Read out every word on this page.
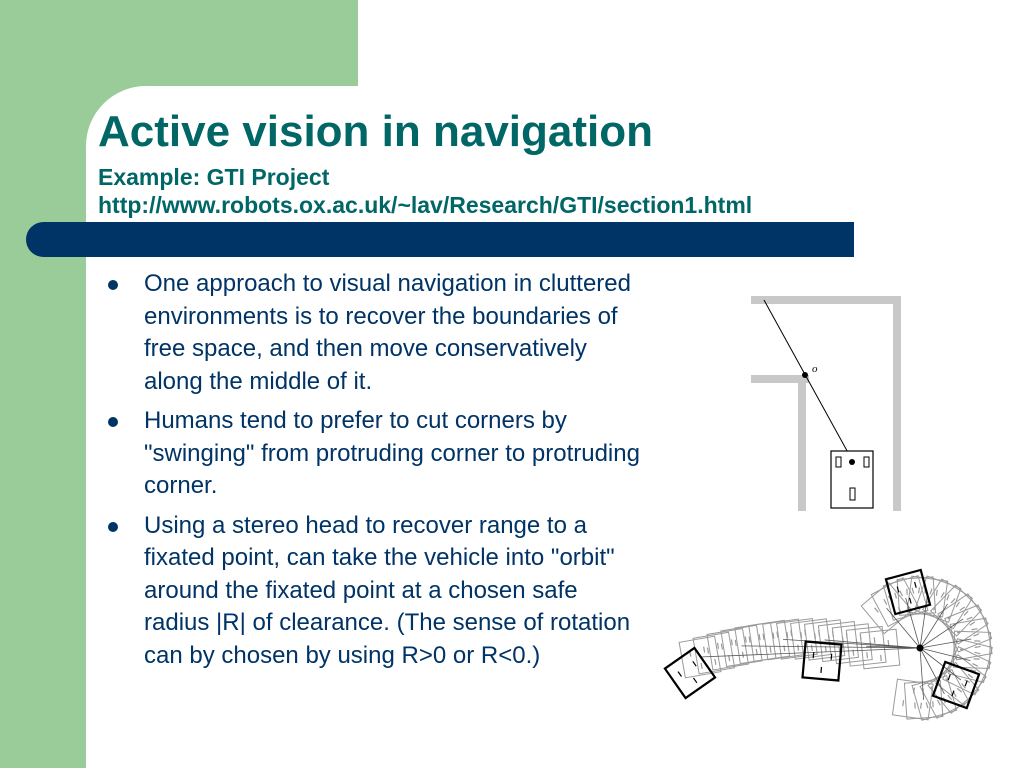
Active vision in navigation
Example: GTI Project
http://www.robots.ox.ac.uk/~lav/Research/GTI/section1.html
One approach to visual navigation in cluttered environments is to recover the boundaries of free space, and then move conservatively along the middle of it.
Humans tend to prefer to cut corners by "swinging" from protruding corner to protruding corner.
Using a stereo head to recover range to a fixated point, can take the vehicle into "orbit" around the fixated point at a chosen safe radius |R| of clearance. (The sense of rotation can by chosen by using R>0 or R<0.)
o
